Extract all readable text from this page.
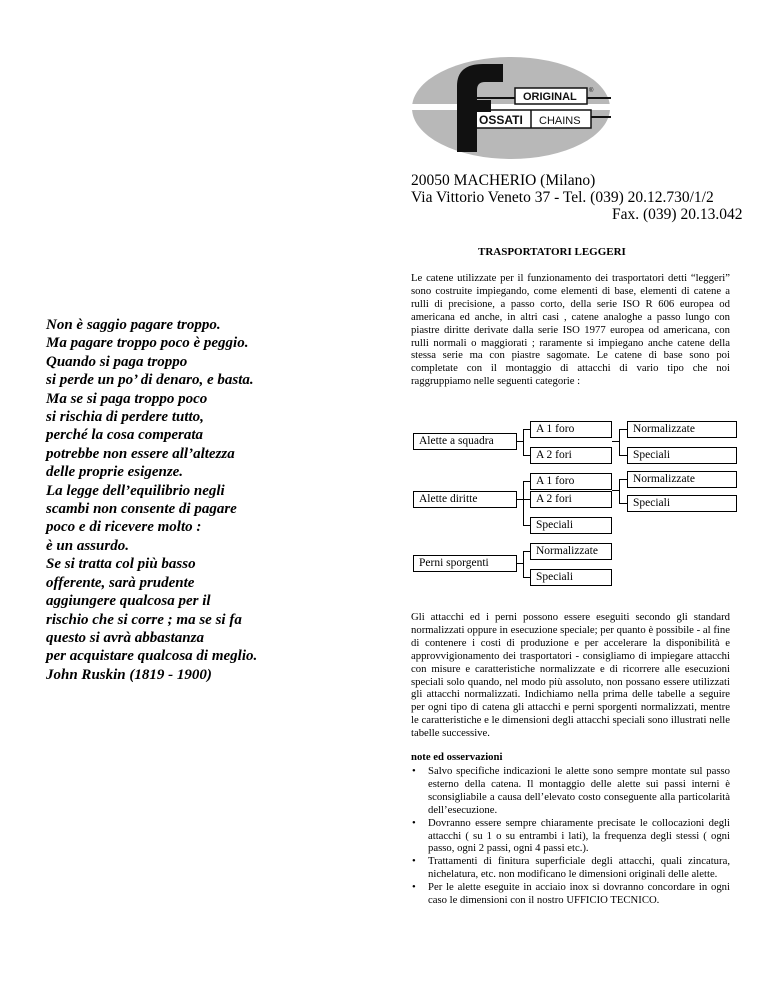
ORIGINAL ®
OSSATI CHAINS
20050 MACHERIO (Milano)
Via Vittorio Veneto 37 - Tel. (039) 20.12.730/1/2
Fax. (039) 20.13.042
TRASPORTATORI LEGGERI
Le catene utilizzate per il funzionamento dei trasportatori detti “leggeri” sono costruite impiegando, come elementi di base, elementi di catene a rulli di precisione, a passo corto, della serie ISO R 606 europea od americana ed anche, in altri casi , catene analoghe a passo lungo con piastre diritte derivate dalla serie ISO 1977 europea od americana, con rulli normali o maggiorati ; raramente si impiegano anche catene della stessa serie ma con piastre sagomate. Le catene di base sono poi completate con il montaggio di attacchi di vario tipo che noi raggruppiamo nelle seguenti categorie :
Non è saggio pagare troppo.
Ma pagare troppo poco è peggio.
Quando si paga troppo
si perde un po’ di denaro, e basta.
Ma se si paga troppo poco
si rischia di perdere tutto,
perché la cosa comperata
potrebbe non essere all’altezza
delle proprie esigenze.
La legge dell’equilibrio negli
scambi non consente di pagare
poco e di ricevere molto :
è un assurdo.
Se si tratta col più basso
offerente, sarà prudente
aggiungere qualcosa per il
rischio che si corre ; ma se si fa
questo si avrà abbastanza
per acquistare qualcosa di meglio.
John Ruskin (1819 - 1900)
Alette a squadra
A 1 foro
A 2 fori
Normalizzate
Speciali
Alette diritte
A 1 foro
A 2 fori
Speciali
Normalizzate
Speciali
Perni sporgenti
Normalizzate
Speciali
Gli attacchi ed i perni possono essere eseguiti secondo gli standard normalizzati oppure in esecuzione speciale; per quanto è possibile - al fine di contenere i costi di produzione e per accelerare la disponibilità e approvvigionamento dei trasportatori - consigliamo di impiegare attacchi con misure e caratteristiche normalizzate e di ricorrere alle esecuzioni speciali solo quando, nel modo più assoluto, non possano essere utilizzati gli attacchi normalizzati. Indichiamo nella prima delle tabelle a seguire per ogni tipo di catena gli attacchi e perni sporgenti normalizzati, mentre le caratteristiche e le dimensioni degli attacchi speciali sono illustrati nelle tabelle successive.
note ed osservazioni
• Salvo specifiche indicazioni le alette sono sempre montate sul passo esterno della catena. Il montaggio delle alette sui passi interni è sconsigliabile a causa dell’elevato costo conseguente alla particolarità dell’esecuzione.
• Dovranno essere sempre chiaramente precisate le collocazioni degli attacchi ( su 1 o su entrambi i lati), la frequenza degli stessi ( ogni passo, ogni 2 passi, ogni 4 passi etc.).
• Trattamenti di finitura superficiale degli attacchi, quali zincatura, nichelatura, etc. non modificano le dimensioni originali delle alette.
• Per le alette eseguite in acciaio inox si dovranno concordare in ogni caso le dimensioni con il nostro UFFICIO TECNICO.
